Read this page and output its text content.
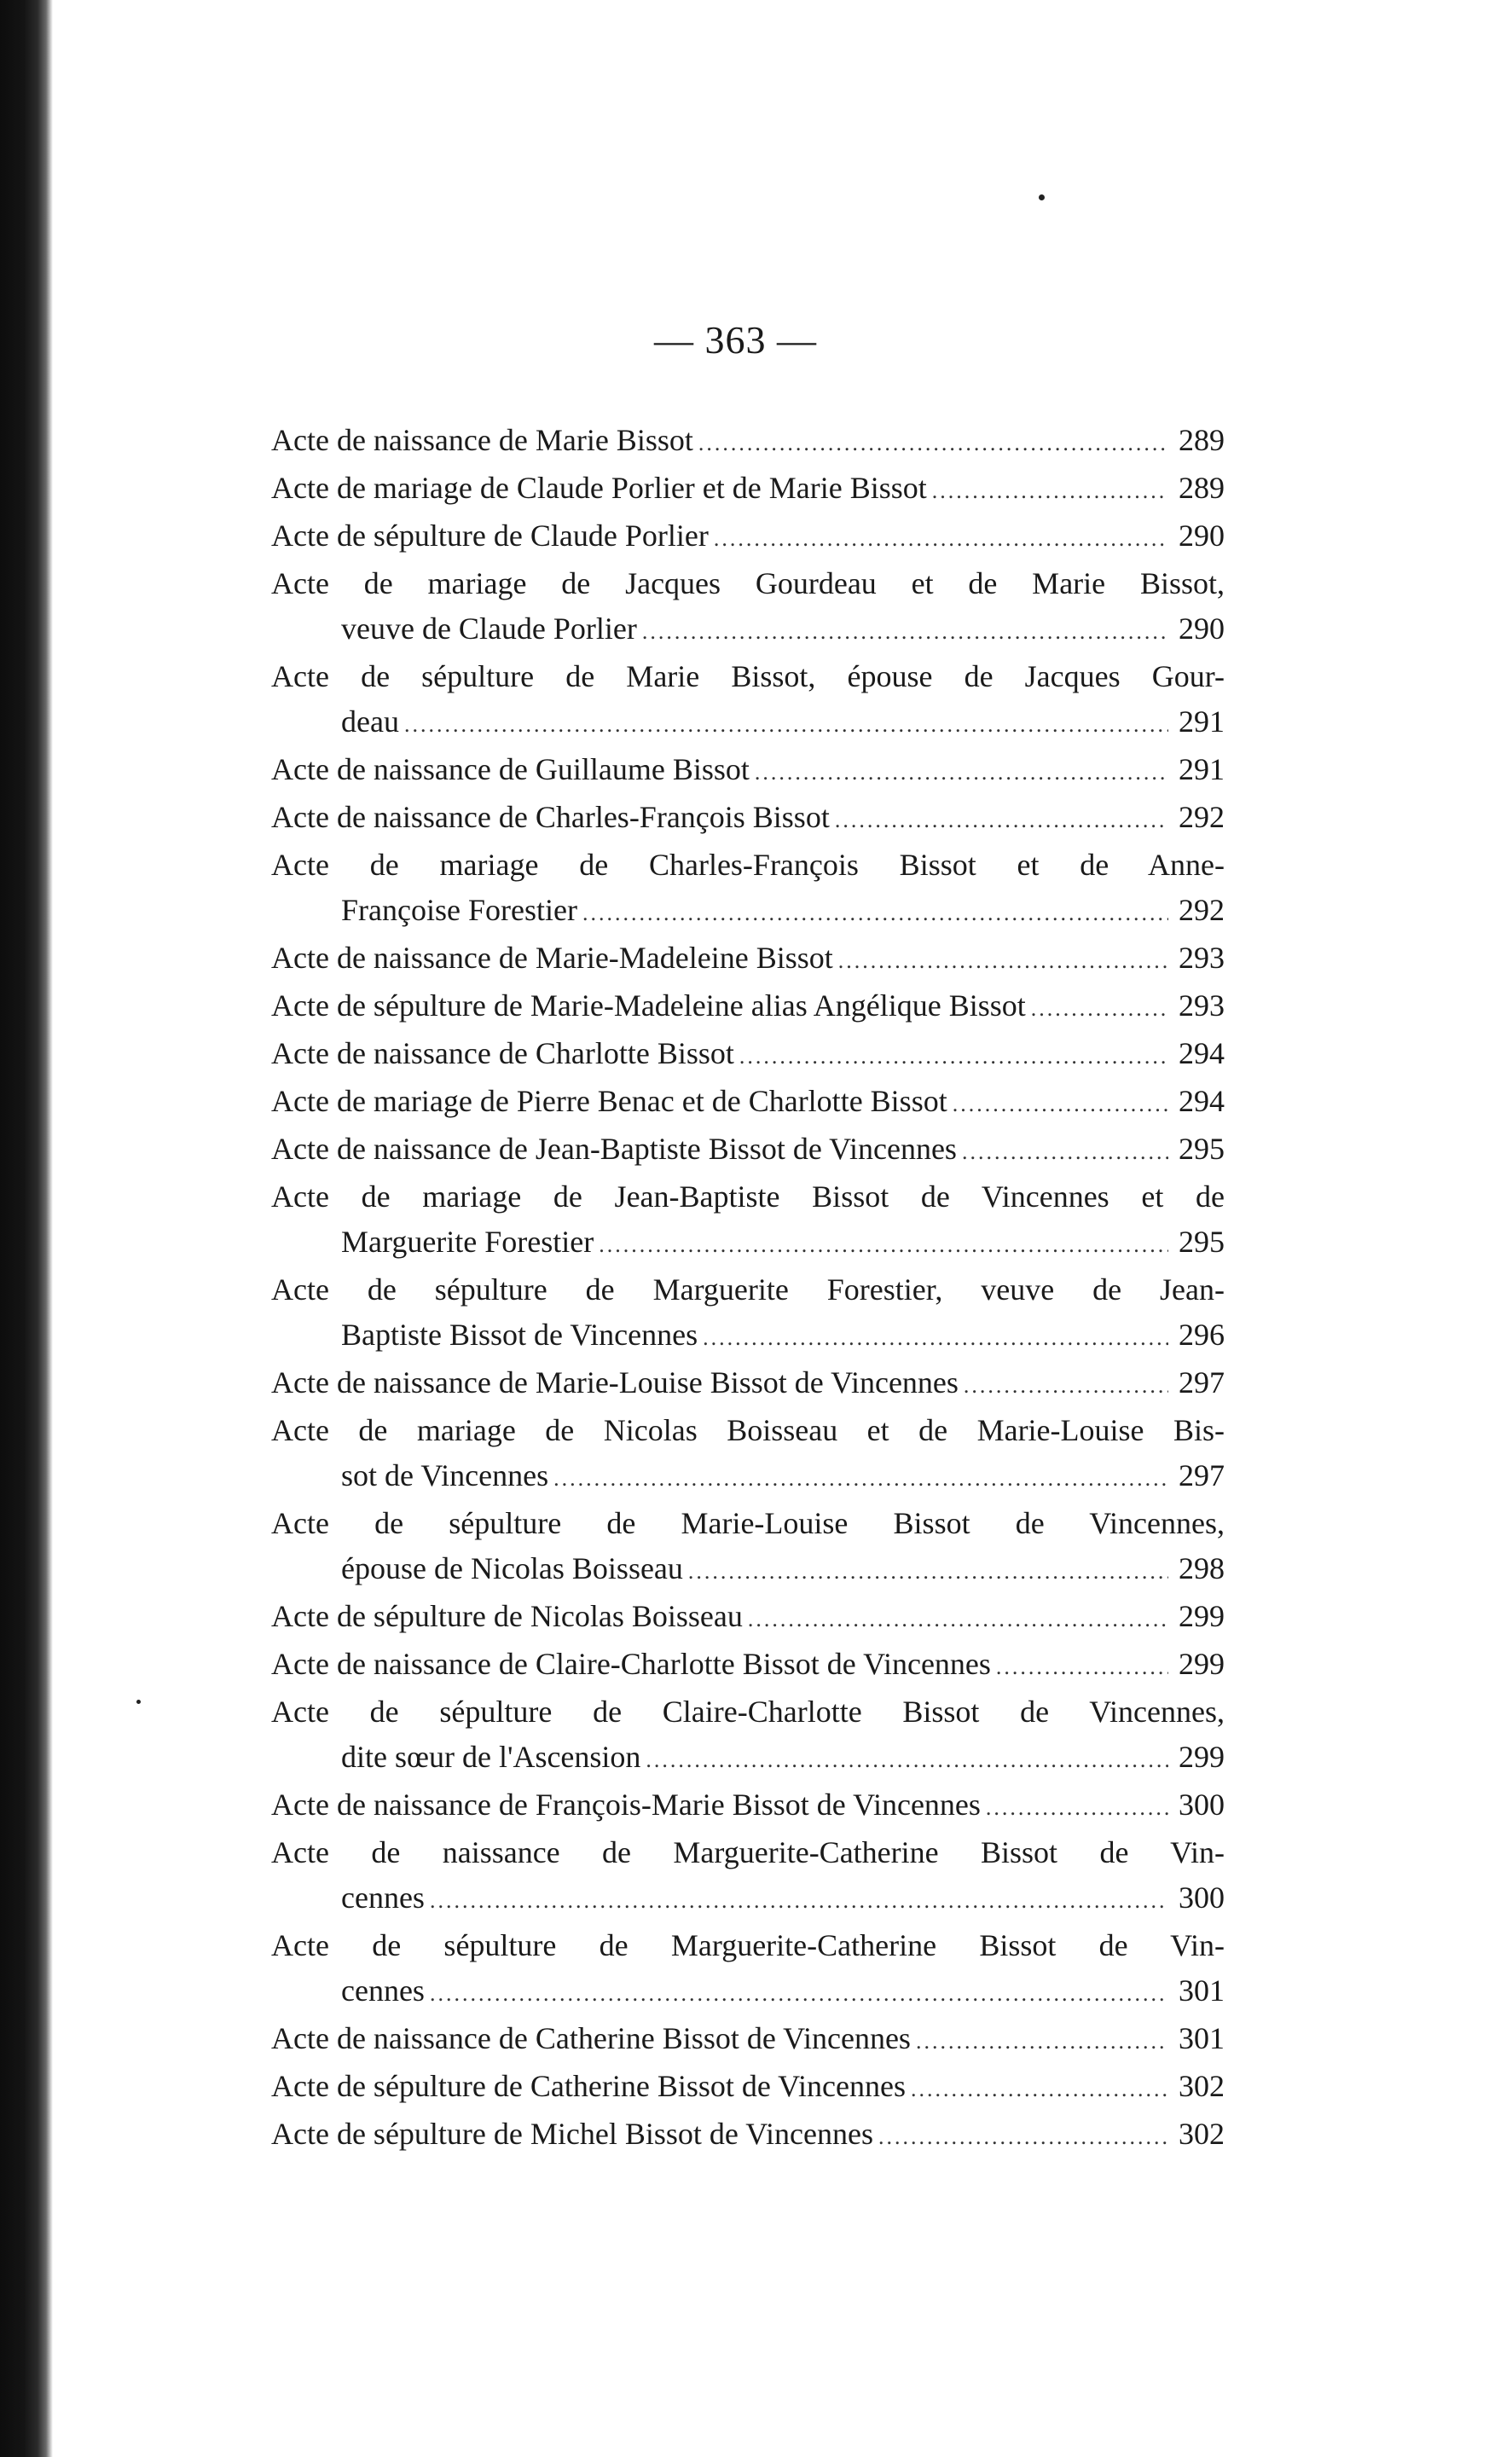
— 363 —
Acte de naissance de Marie Bissot .....	289
Acte de mariage de Claude Porlier et de Marie Bissot .....	289
Acte de sépulture de Claude Porlier .....	290
Acte de mariage de Jacques Gourdeau et de Marie Bissot,
veuve de Claude Porlier .....	290
Acte de sépulture de Marie Bissot, épouse de Jacques Gour-
deau .....	291
Acte de naissance de Guillaume Bissot .....	291
Acte de naissance de Charles-François Bissot .....	292
Acte de mariage de Charles-François Bissot et de Anne-
Françoise Forestier .....	292
Acte de naissance de Marie-Madeleine Bissot .....	293
Acte de sépulture de Marie-Madeleine alias Angélique Bissot .....	293
Acte de naissance de Charlotte Bissot .....	294
Acte de mariage de Pierre Benac et de Charlotte Bissot .....	294
Acte de naissance de Jean-Baptiste Bissot de Vincennes .....	295
Acte de mariage de Jean-Baptiste Bissot de Vincennes et de
Marguerite Forestier .....	295
Acte de sépulture de Marguerite Forestier, veuve de Jean-
Baptiste Bissot de Vincennes .....	296
Acte de naissance de Marie-Louise Bissot de Vincennes .....	297
Acte de mariage de Nicolas Boisseau et de Marie-Louise Bis-
sot de Vincennes .....	297
Acte de sépulture de Marie-Louise Bissot de Vincennes,
épouse de Nicolas Boisseau .....	298
Acte de sépulture de Nicolas Boisseau .....	299
Acte de naissance de Claire-Charlotte Bissot de Vincennes .....	299
Acte de sépulture de Claire-Charlotte Bissot de Vincennes,
dite sœur de l'Ascension .....	299
Acte de naissance de François-Marie Bissot de Vincennes .....	300
Acte de naissance de Marguerite-Catherine Bissot de Vin-
cennes .....	300
Acte de sépulture de Marguerite-Catherine Bissot de Vin-
cennes .....	301
Acte de naissance de Catherine Bissot de Vincennes .....	301
Acte de sépulture de Catherine Bissot de Vincennes .....	302
Acte de sépulture de Michel Bissot de Vincennes .....	302
